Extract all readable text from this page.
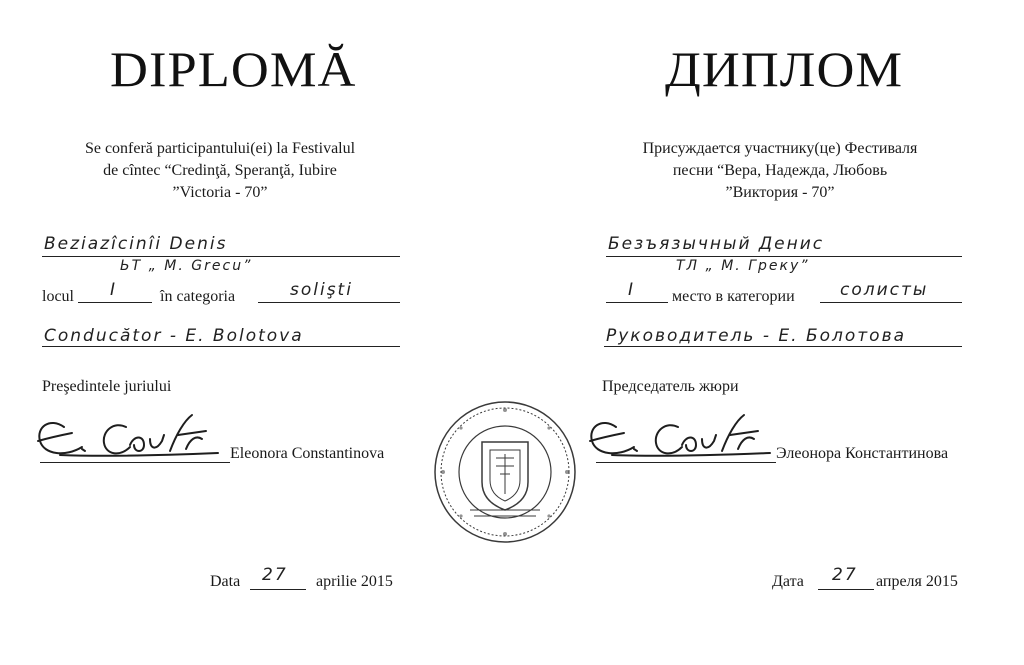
DIPLOMĂ
Se conferă participantului(ei) la Festivalul
de cîntec “Credinţă, Speranţă, Iubire
”Victoria - 70”
Beziazîcinîi Denis
ЬТ „ M. Grecu”
locul I	în categoria	solişti
Conducător - E. Bolotova
Preşedintele juriului
Eleonora Constantinova
Data 27 aprilie 2015
ДИПЛОМ
Присуждается участнику(це) Фестиваля
песни “Вера, Надежда, Любовь
”Виктория - 70”
Безъязычный Денис
ТЛ „ М. Греку”
I место в категории	солисты
Руководитель - Е. Болотова
Председатель жюри
Элеонора Константинова
Дата 27 апреля 2015
